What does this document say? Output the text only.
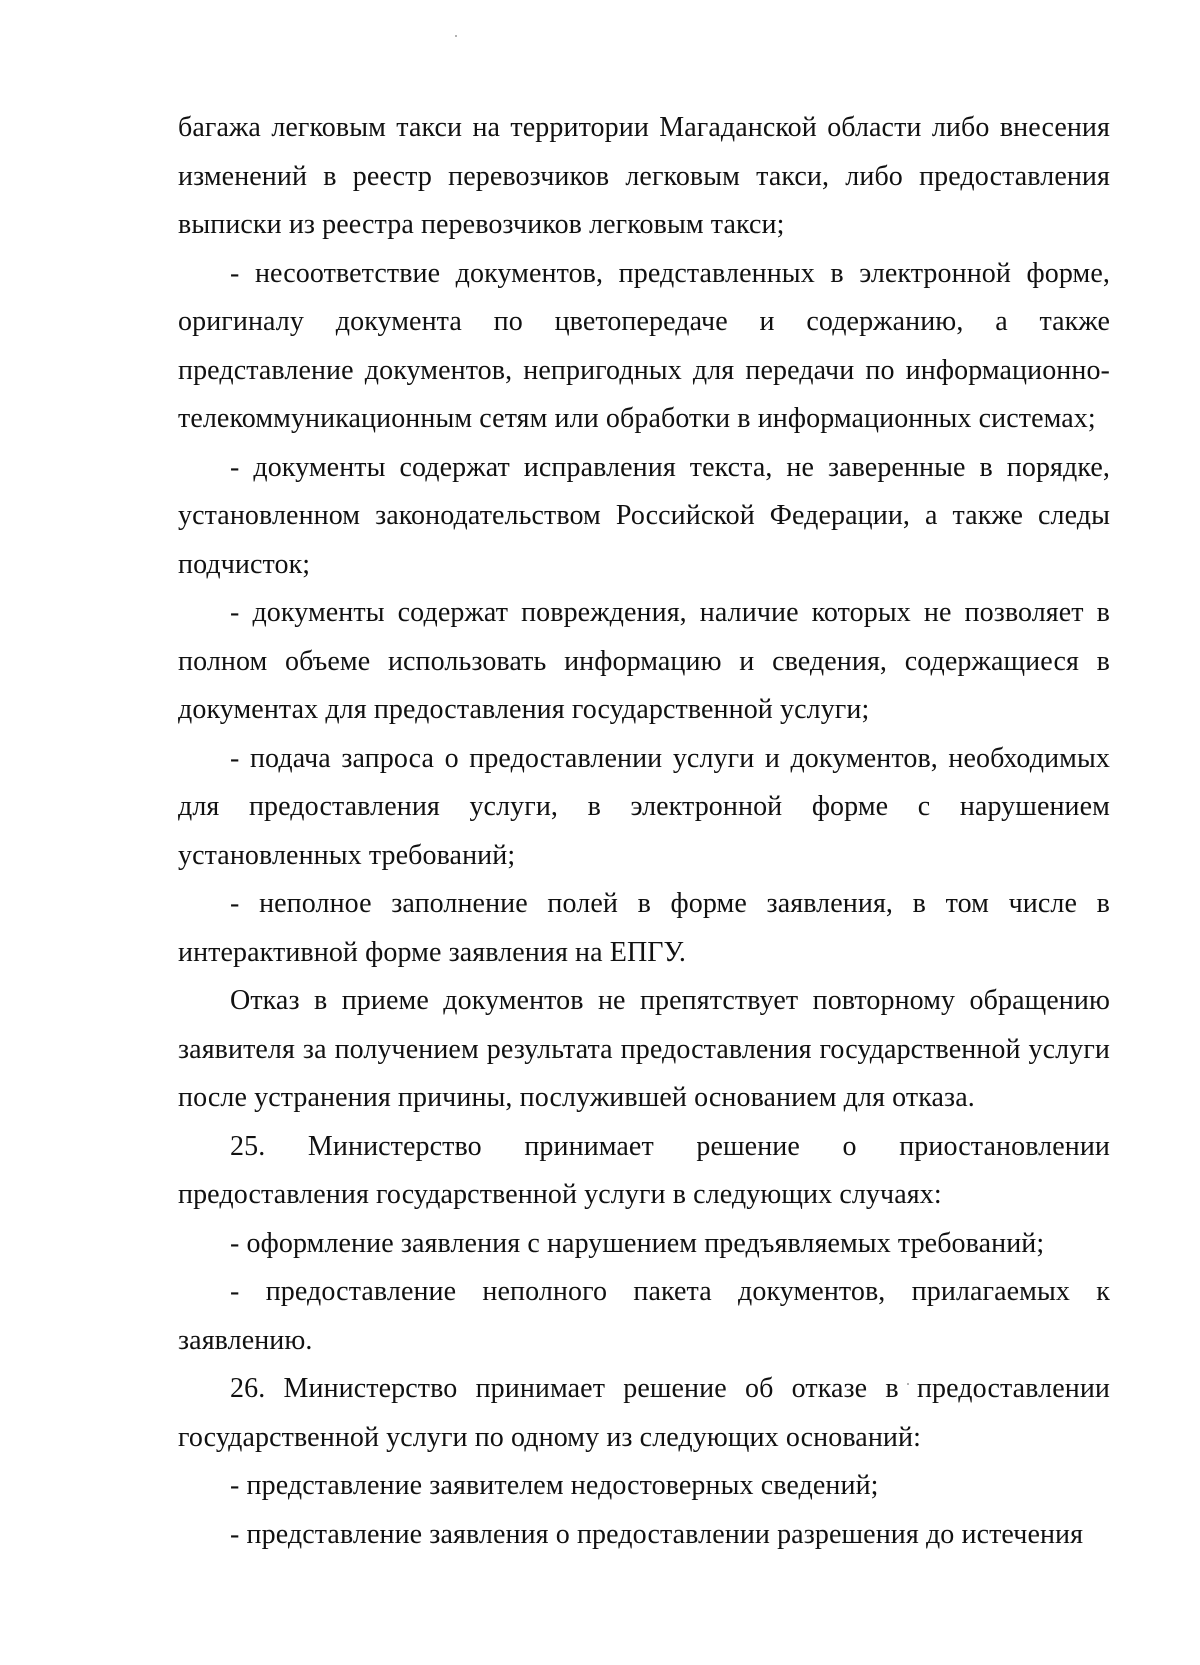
багажа легковым такси на территории Магаданской области либо внесения изменений в реестр перевозчиков легковым такси, либо предоставления выписки из реестра перевозчиков легковым такси;

- несоответствие документов, представленных в электронной форме, оригиналу документа по цветопередаче и содержанию, а также представление документов, непригодных для передачи по информационно-телекоммуникационным сетям или обработки в информационных системах;

- документы содержат исправления текста, не заверенные в порядке, установленном законодательством Российской Федерации, а также следы подчисток;

- документы содержат повреждения, наличие которых не позволяет в полном объеме использовать информацию и сведения, содержащиеся в документах для предоставления государственной услуги;

- подача запроса о предоставлении услуги и документов, необходимых для предоставления услуги, в электронной форме с нарушением установленных требований;

- неполное заполнение полей в форме заявления, в том числе в интерактивной форме заявления на ЕПГУ.

Отказ в приеме документов не препятствует повторному обращению заявителя за получением результата предоставления государственной услуги после устранения причины, послужившей основанием для отказа.

25. Министерство принимает решение о приостановлении предоставления государственной услуги в следующих случаях:

- оформление заявления с нарушением предъявляемых требований;

- предоставление неполного пакета документов, прилагаемых к заявлению.

26. Министерство принимает решение об отказе в предоставлении государственной услуги по одному из следующих оснований:

- представление заявителем недостоверных сведений;

- представление заявления о предоставлении разрешения до истечения
